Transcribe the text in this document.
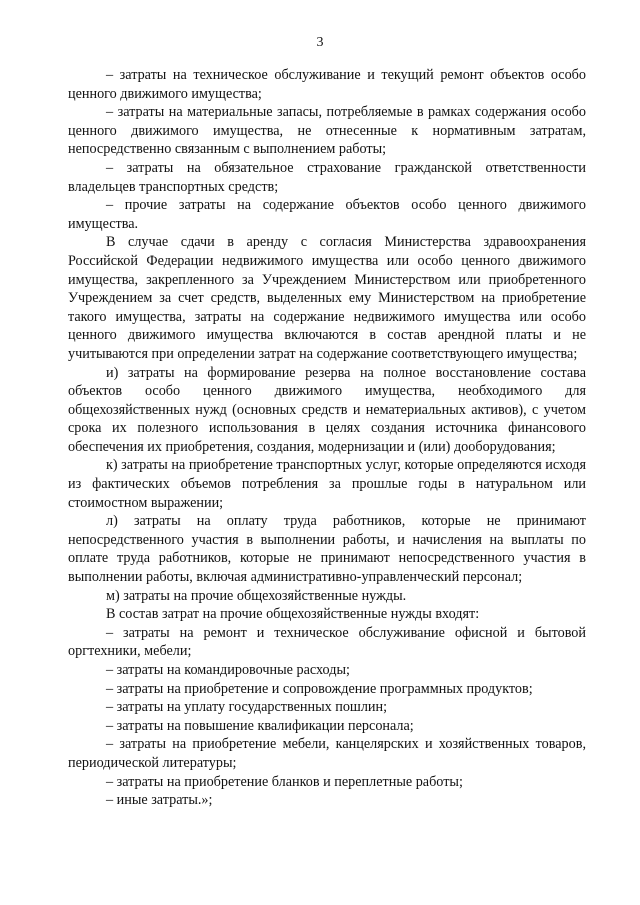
3

– затраты на техническое обслуживание и текущий ремонт объектов особо ценного движимого имущества;

– затраты на материальные запасы, потребляемые в рамках содержания особо ценного движимого имущества, не отнесенные к нормативным затратам, непосредственно связанным с выполнением работы;

– затраты на обязательное страхование гражданской ответственности владельцев транспортных средств;

– прочие затраты на содержание объектов особо ценного движимого имущества.

В случае сдачи в аренду с согласия Министерства здравоохранения Российской Федерации недвижимого имущества или особо ценного движимого имущества, закрепленного за Учреждением Министерством или приобретенного Учреждением за счет средств, выделенных ему Министерством на приобретение такого имущества, затраты на содержание недвижимого имущества или особо ценного движимого имущества включаются в состав арендной платы и не учитываются при определении затрат на содержание соответствующего имущества;

и) затраты на формирование резерва на полное восстановление состава объектов особо ценного движимого имущества, необходимого для общехозяйственных нужд (основных средств и нематериальных активов), с учетом срока их полезного использования в целях создания источника финансового обеспечения их приобретения, создания, модернизации и (или) дооборудования;

к) затраты на приобретение транспортных услуг, которые определяются исходя из фактических объемов потребления за прошлые годы в натуральном или стоимостном выражении;

л) затраты на оплату труда работников, которые не принимают непосредственного участия в выполнении работы, и начисления на выплаты по оплате труда работников, которые не принимают непосредственного участия в выполнении работы, включая административно-управленческий персонал;

м) затраты на прочие общехозяйственные нужды.

В состав затрат на прочие общехозяйственные нужды входят:

– затраты на ремонт и техническое обслуживание офисной и бытовой оргтехники, мебели;

– затраты на командировочные расходы;

– затраты на приобретение и сопровождение программных продуктов;

– затраты на уплату государственных пошлин;

– затраты на повышение квалификации персонала;

– затраты на приобретение мебели, канцелярских и хозяйственных товаров, периодической литературы;

– затраты на приобретение бланков и переплетные работы;

– иные затраты.»;
